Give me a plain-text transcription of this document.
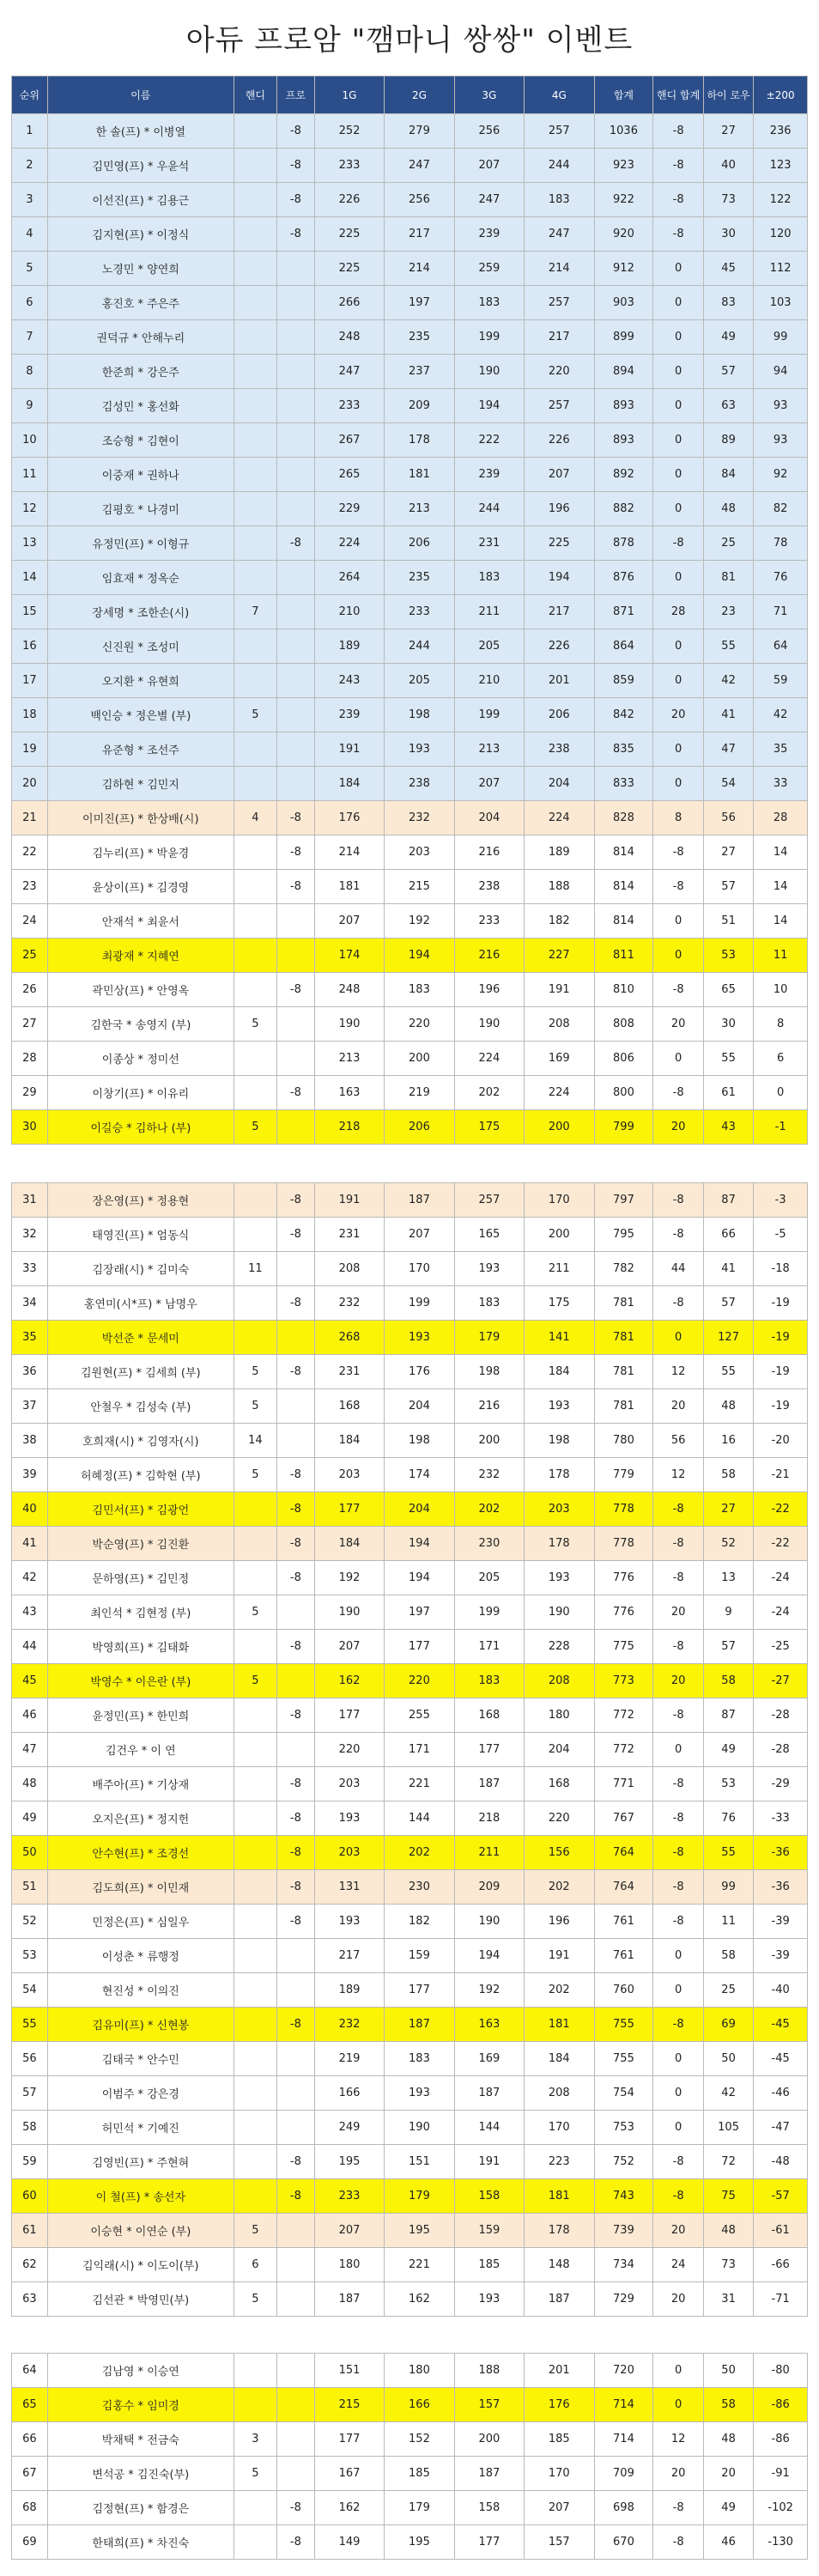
아듀 프로암 "깸마니 쌍쌍" 이벤트
순위	이름	핸디	프로	1G	2G	3G	4G	합계	핸디 합계	하이 로우	±200
1	한 솔(프) * 이병열		-8	252	279	256	257	1036	-8	27	236
2	김민영(프) * 우윤석		-8	233	247	207	244	923	-8	40	123
3	이선진(프) * 김용근		-8	226	256	247	183	922	-8	73	122
4	김지현(프) * 이정식		-8	225	217	239	247	920	-8	30	120
5	노경민 * 양연희			225	214	259	214	912	0	45	112
6	홍진호 * 주은주			266	197	183	257	903	0	83	103
7	권덕규 * 안해누리			248	235	199	217	899	0	49	99
8	한준희 * 강은주			247	237	190	220	894	0	57	94
9	김성민 * 홍선화			233	209	194	257	893	0	63	93
10	조승형 * 김현이			267	178	222	226	893	0	89	93
11	이중재 * 권하나			265	181	239	207	892	0	84	92
12	김평호 * 나경미			229	213	244	196	882	0	48	82
13	유정민(프) * 이형규		-8	224	206	231	225	878	-8	25	78
14	임효재 * 정옥순			264	235	183	194	876	0	81	76
15	장세명 * 조한손(시)	7		210	233	211	217	871	28	23	71
16	신진원 * 조성미			189	244	205	226	864	0	55	64
17	오지환 * 유현희			243	205	210	201	859	0	42	59
18	백인승 * 정은별 (부)	5		239	198	199	206	842	20	41	42
19	유준형 * 조선주			191	193	213	238	835	0	47	35
20	김하현 * 김민지			184	238	207	204	833	0	54	33
21	이미진(프) * 한상배(시)	4	-8	176	232	204	224	828	8	56	28
22	김누리(프) * 박윤경		-8	214	203	216	189	814	-8	27	14
23	윤상이(프) * 김경영		-8	181	215	238	188	814	-8	57	14
24	안재석 * 최윤서			207	192	233	182	814	0	51	14
25	최광재 * 지혜연			174	194	216	227	811	0	53	11
26	곽민상(프) * 안영옥		-8	248	183	196	191	810	-8	65	10
27	김한국 * 송영지 (부)	5		190	220	190	208	808	20	30	8
28	이종상 * 정미선			213	200	224	169	806	0	55	6
29	이창기(프) * 이유리		-8	163	219	202	224	800	-8	61	0
30	이길승 * 김하나 (부)	5		218	206	175	200	799	20	43	-1
31	장은영(프) * 정용현		-8	191	187	257	170	797	-8	87	-3
32	태영진(프) * 엄동식		-8	231	207	165	200	795	-8	66	-5
33	김장래(시) * 김미숙	11		208	170	193	211	782	44	41	-18
34	홍연미(시*프) * 남명우		-8	232	199	183	175	781	-8	57	-19
35	박선준 * 문세미			268	193	179	141	781	0	127	-19
36	김원현(프) * 김세희 (부)	5	-8	231	176	198	184	781	12	55	-19
37	안철우 * 김성숙 (부)	5		168	204	216	193	781	20	48	-19
38	호희재(시) * 김영자(시)	14		184	198	200	198	780	56	16	-20
39	허혜정(프) * 김학현 (부)	5	-8	203	174	232	178	779	12	58	-21
40	김민서(프) * 김광언		-8	177	204	202	203	778	-8	27	-22
41	박순영(프) * 김진환		-8	184	194	230	178	778	-8	52	-22
42	문하영(프) * 김민정		-8	192	194	205	193	776	-8	13	-24
43	최인석 * 김현정 (부)	5		190	197	199	190	776	20	9	-24
44	박영희(프) * 김태화		-8	207	177	171	228	775	-8	57	-25
45	박영수 * 이은란 (부)	5		162	220	183	208	773	20	58	-27
46	윤정민(프) * 한민희		-8	177	255	168	180	772	-8	87	-28
47	김건우 * 이 연			220	171	177	204	772	0	49	-28
48	배주아(프) * 기상재		-8	203	221	187	168	771	-8	53	-29
49	오지은(프) * 정지헌		-8	193	144	218	220	767	-8	76	-33
50	안수현(프) * 조경선		-8	203	202	211	156	764	-8	55	-36
51	김도희(프) * 이민재		-8	131	230	209	202	764	-8	99	-36
52	민정은(프) * 심일우		-8	193	182	190	196	761	-8	11	-39
53	이성춘 * 류행정			217	159	194	191	761	0	58	-39
54	현진성 * 이의진			189	177	192	202	760	0	25	-40
55	김유미(프) * 신현봉		-8	232	187	163	181	755	-8	69	-45
56	김태국 * 안수민			219	183	169	184	755	0	50	-45
57	이범주 * 강은경			166	193	187	208	754	0	42	-46
58	허민석 * 기예진			249	190	144	170	753	0	105	-47
59	김영빈(프) * 주현혀		-8	195	151	191	223	752	-8	72	-48
60	이 철(프) * 송선자		-8	233	179	158	181	743	-8	75	-57
61	이승현 * 이연순 (부)	5		207	195	159	178	739	20	48	-61
62	김익래(시) * 이도이(부)	6		180	221	185	148	734	24	73	-66
63	김선관 * 박영민(부)	5		187	162	193	187	729	20	31	-71
64	김남영 * 이승연			151	180	188	201	720	0	50	-80
65	김홍수 * 임미경			215	166	157	176	714	0	58	-86
66	박채택 * 전금숙	3		177	152	200	185	714	12	48	-86
67	변석공 * 김진숙(부)	5		167	185	187	170	709	20	20	-91
68	김정현(프) * 함경은		-8	162	179	158	207	698	-8	49	-102
69	한태희(프) * 차진숙		-8	149	195	177	157	670	-8	46	-130
